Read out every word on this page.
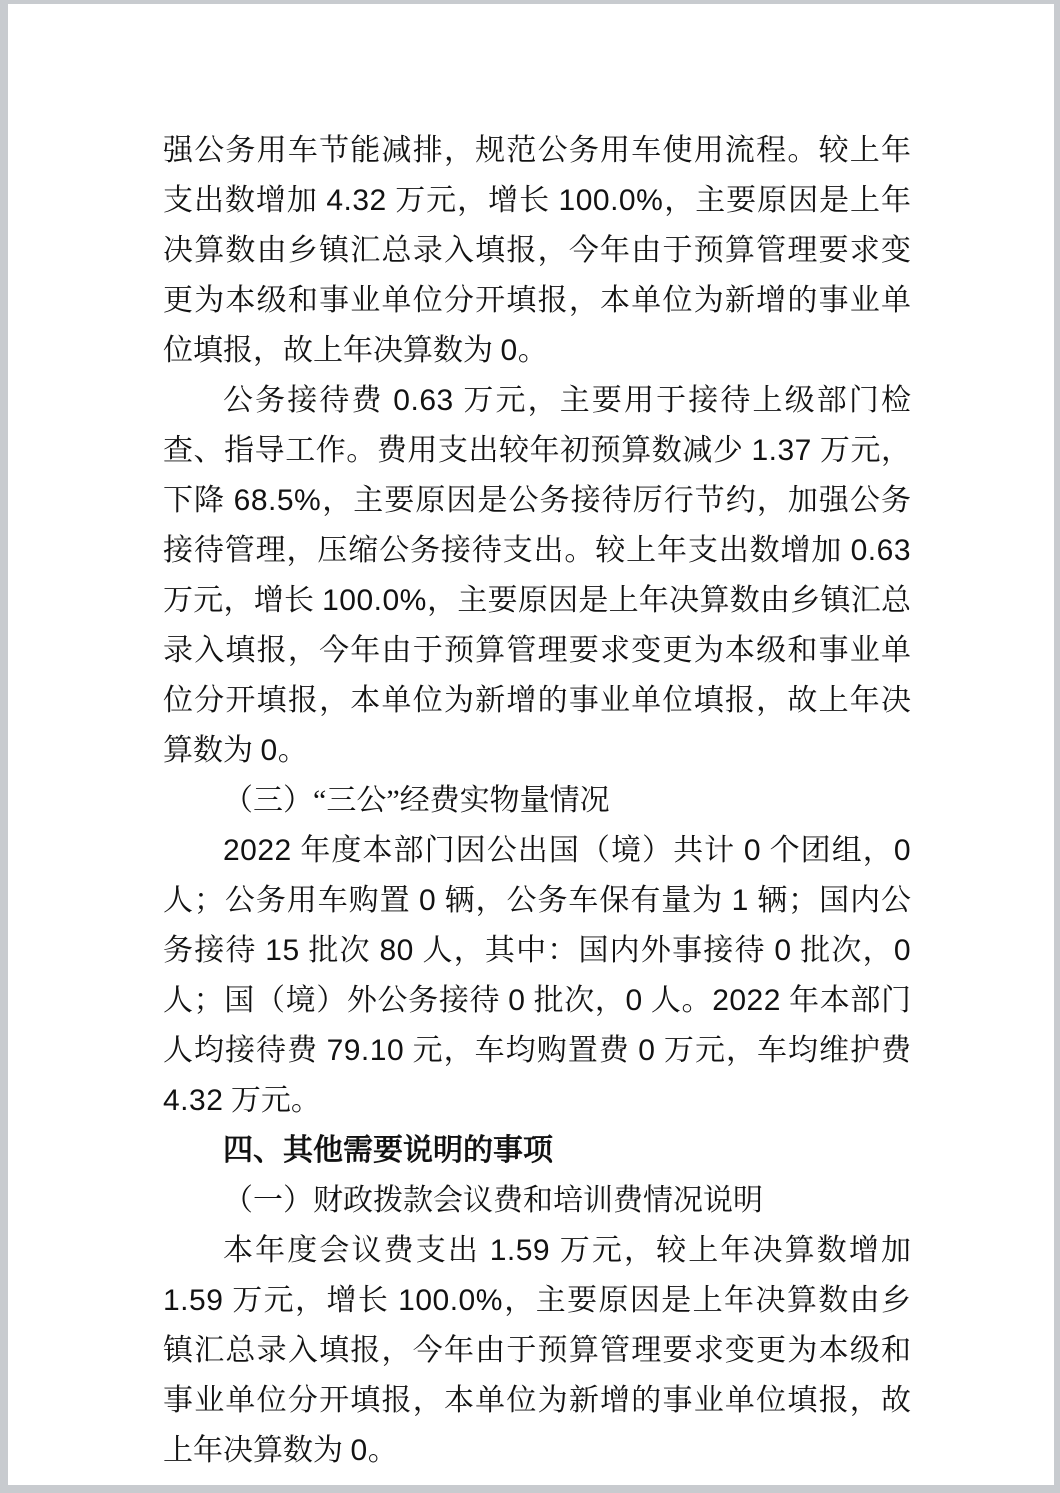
强公务用车节能减排，规范公务用车使用流程。较上年支出数增加 4.32 万元，增长 100.0%，主要原因是上年决算数由乡镇汇总录入填报，今年由于预算管理要求变更为本级和事业单位分开填报，本单位为新增的事业单位填报，故上年决算数为 0。

公务接待费 0.63 万元，主要用于接待上级部门检查、指导工作。费用支出较年初预算数减少 1.37 万元，下降 68.5%，主要原因是公务接待厉行节约，加强公务接待管理，压缩公务接待支出。较上年支出数增加 0.63 万元，增长 100.0%，主要原因是上年决算数由乡镇汇总录入填报，今年由于预算管理要求变更为本级和事业单位分开填报，本单位为新增的事业单位填报，故上年决算数为 0。

（三）“三公”经费实物量情况

2022 年度本部门因公出国（境）共计 0 个团组，0 人；公务用车购置 0 辆，公务车保有量为 1 辆；国内公务接待 15 批次 80 人，其中：国内外事接待 0 批次，0 人；国（境）外公务接待 0 批次，0 人。2022 年本部门人均接待费 79.10 元，车均购置费 0 万元，车均维护费 4.32 万元。

四、其他需要说明的事项

（一）财政拨款会议费和培训费情况说明

本年度会议费支出 1.59 万元，较上年决算数增加 1.59 万元，增长 100.0%，主要原因是上年决算数由乡镇汇总录入填报，今年由于预算管理要求变更为本级和事业单位分开填报，本单位为新增的事业单位填报，故上年决算数为 0。
